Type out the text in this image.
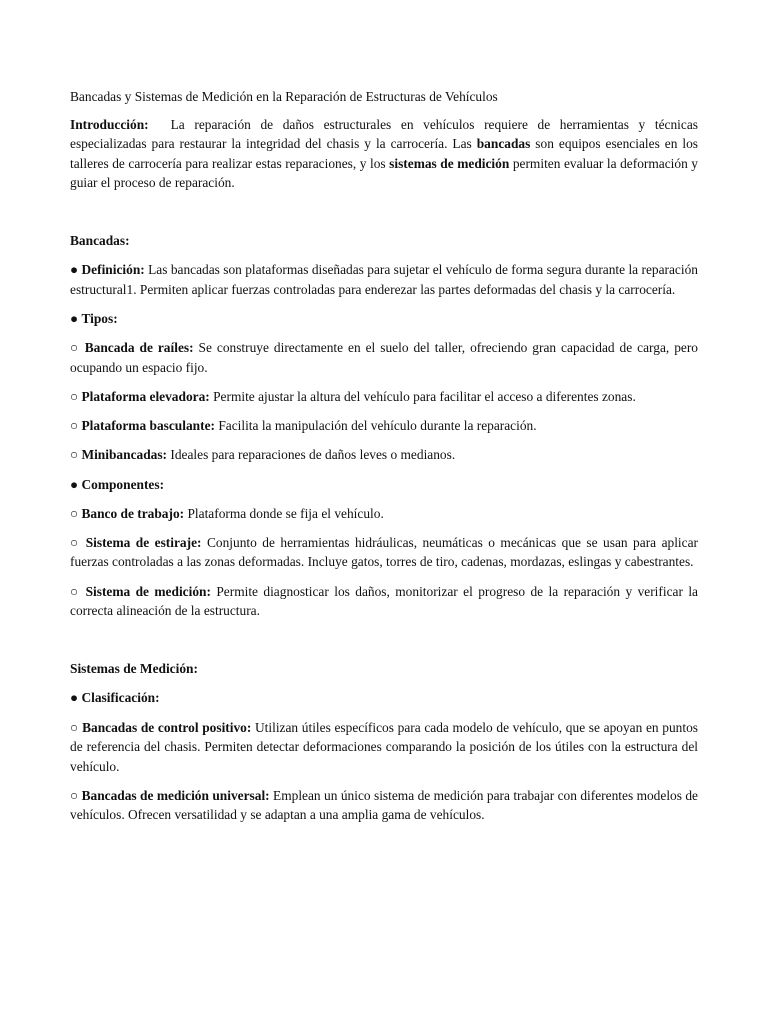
Bancadas y Sistemas de Medición en la Reparación de Estructuras de Vehículos

Introducción: La reparación de daños estructurales en vehículos requiere de herramientas y técnicas especializadas para restaurar la integridad del chasis y la carrocería. Las bancadas son equipos esenciales en los talleres de carrocería para realizar estas reparaciones, y los sistemas de medición permiten evaluar la deformación y guiar el proceso de reparación.

Bancadas:

● Definición: Las bancadas son plataformas diseñadas para sujetar el vehículo de forma segura durante la reparación estructural1. Permiten aplicar fuerzas controladas para enderezar las partes deformadas del chasis y la carrocería.

● Tipos:

○ Bancada de raíles: Se construye directamente en el suelo del taller, ofreciendo gran capacidad de carga, pero ocupando un espacio fijo.

○ Plataforma elevadora: Permite ajustar la altura del vehículo para facilitar el acceso a diferentes zonas.

○ Plataforma basculante: Facilita la manipulación del vehículo durante la reparación.

○ Minibancadas: Ideales para reparaciones de daños leves o medianos.

● Componentes:

○ Banco de trabajo: Plataforma donde se fija el vehículo.

○ Sistema de estiraje: Conjunto de herramientas hidráulicas, neumáticas o mecánicas que se usan para aplicar fuerzas controladas a las zonas deformadas. Incluye gatos, torres de tiro, cadenas, mordazas, eslingas y cabestrantes.

○ Sistema de medición: Permite diagnosticar los daños, monitorizar el progreso de la reparación y verificar la correcta alineación de la estructura.

Sistemas de Medición:

● Clasificación:

○ Bancadas de control positivo: Utilizan útiles específicos para cada modelo de vehículo, que se apoyan en puntos de referencia del chasis. Permiten detectar deformaciones comparando la posición de los útiles con la estructura del vehículo.

○ Bancadas de medición universal: Emplean un único sistema de medición para trabajar con diferentes modelos de vehículos. Ofrecen versatilidad y se adaptan a una amplia gama de vehículos.
